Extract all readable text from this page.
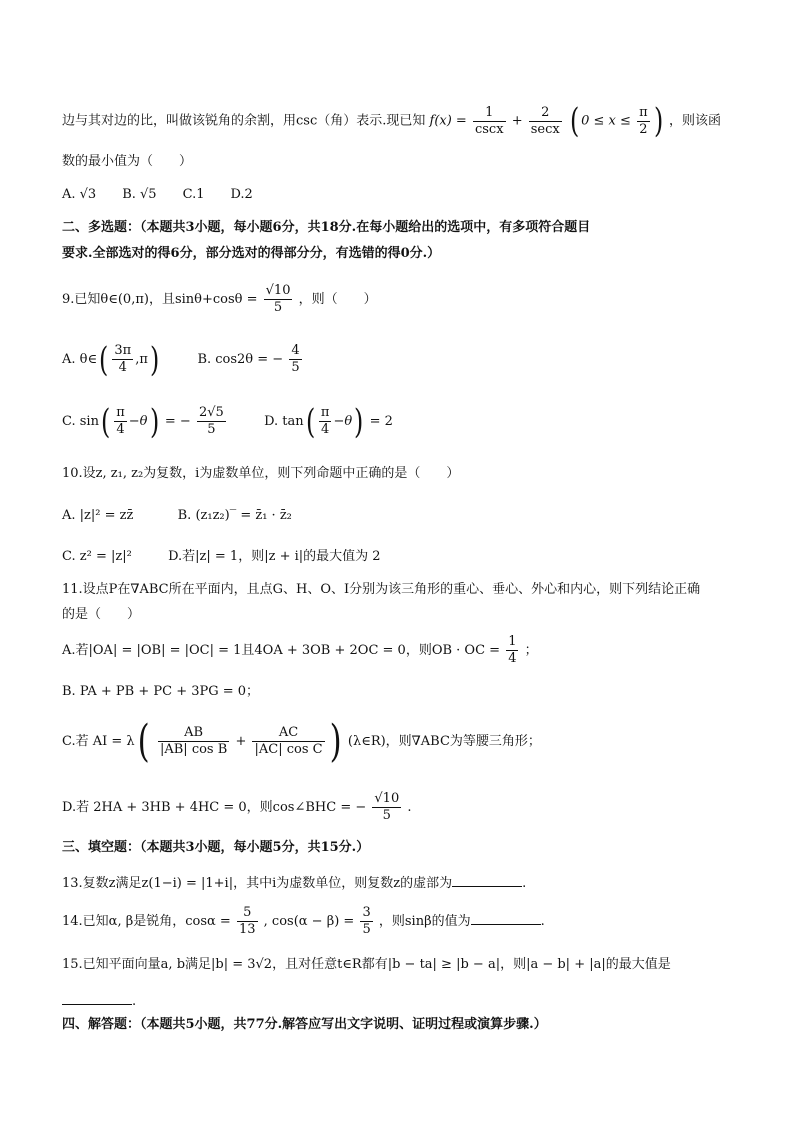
边与其对边的比，叫做该锐角的余割，用csc（角）表示.现已知 $f(x) = \frac{1}{\csc x} + \frac{2}{\sec x}$ ( $0 \le x \le \frac{\pi}{2}$ ) ，则该函
数的最小值为（　　）
A. √3　　B. √5　　C.1　　D.2
二、多选题：（本题共3小题，每小题6分，共18分.在每小题给出的选项中，有多项符合题目
要求.全部选对的得6分，部分选对的得部分分，有选错的得0分.）
9.已知θ∈(0,π)，且$\sin\theta+\cos\theta = \frac{√10}{5}$ ，则（　　）
A. θ∈( $\frac{3\pi}{4} ,\pi$)	B. cos2θ = − $\frac{4}{5}$
C. $\sin( \frac{\pi}{4} -\theta)$ = − $\frac{2√5}{5}$	D. $\tan( \frac{\pi}{4} -\theta) = 2$
10.设z, z₁, z₂为复数，i为虚数单位，则下列命题中正确的是（　　）
A. |z|² = zz̄	B. (z₁z₂)‾ = z̄₁ · z̄₂
C. z² = |z|²	D.若|z| = 1，则|z + i|的最大值为 2
11.设点P在∇ABC所在平面内，且点G、H、O、I分别为该三角形的重心、垂心、外心和内心，则下列结论正确
的是（　　）
A.若|OA| = |OB| = |OC| = 1且4OA + 3OB + 2OC = 0，则OB · OC = $\frac{1}{4}$ ；
B. PA + PB + PC + 3PG = 0；
C.若 AI = $\lambda( \frac{AB}{\text{|AB| cos B}} + \frac{AC}{\text{|AC| cos C}}$ ) (λ∈R)，则∇ABC为等腰三角形；
D.若 2HA + 3HB + 4HC = 0，则cos∠BHC = − $\frac{√10}{5}$ .
三、填空题：（本题共3小题，每小题5分，共15分.）
13.复数z满足z(1−i) = |1+i|，其中i为虚数单位，则复数z的虚部为	.
14.已知α, β是锐角，$\cos\alpha = \frac{5}{13}$ , $\cos(\alpha - \beta) = \frac{3}{5}$ ，则sinβ的值为	.
15.已知平面向量a, b满足|b| = 3√2，且对任意t∈R都有|b − ta| ≥ |b − a|，则|a − b| + |a|的最大值是
.
四、解答题：（本题共5小题，共77分.解答应写出文字说明、证明过程或演算步骤.）
